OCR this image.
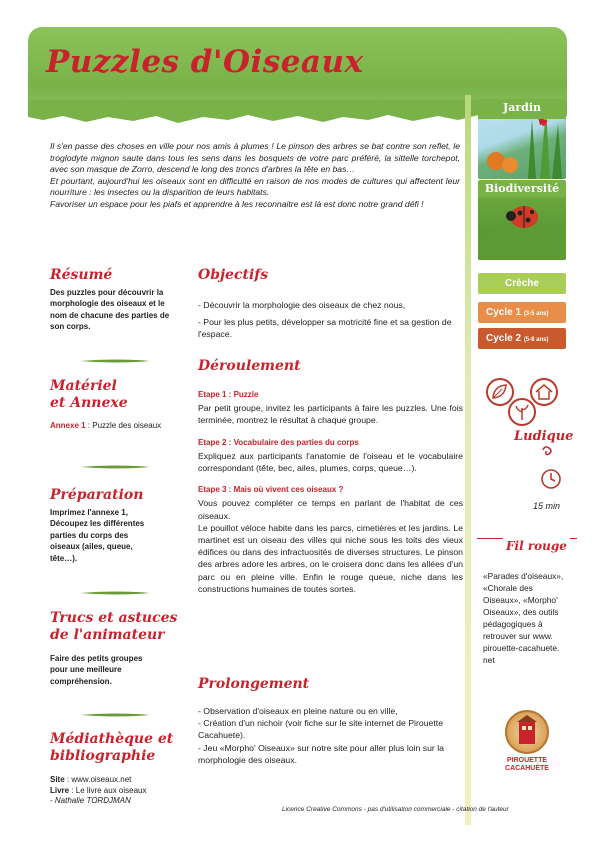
Puzzles d'Oiseaux

Il s'en passe des choses en ville pour nos amis à plumes ! Le pinson des arbres se bat contre son reflet, le troglodyte mignon saute dans tous les sens dans les bosquets de votre parc préféré, la sittelle torchepot, avec son masque de Zorro, descend le long des troncs d'arbres la tête en bas…

Et pourtant, aujourd'hui les oiseaux sont en difficulté en raison de nos modes de cultures qui affectent leur nourriture : les insectes ou la disparition de leurs habitats.

Favoriser un espace pour les piafs et apprendre à les reconnaitre est là est donc notre grand défi !

Jardin
Biodiversité
Crèche
Cycle 1 (3-5 ans)
Cycle 2 (5-8 ans)
Ludique
15 min
Fil rouge
«Parades d'oiseaux», «Chorale des Oiseaux», «Morpho' Oiseaux», des outils pédagogiques à retrouver sur www. pirouette-cacahuete. net
PIROUETTE
CACAHUÈTE
Résumé
Des puzzles pour découvrir la morphologie des oiseaux et le nom de chacune des parties de son corps.
Matériel
et Annexe
Annexe 1 : Puzzle des oiseaux
Préparation
Imprimez l'annexe 1, Découpez les différentes parties du corps des oiseaux (ailes, queue, tête…).
Trucs et astuces
de l'animateur
Faire des petits groupes pour une meilleure compréhension.
Médiathèque et
bibliographie
Site : www.oiseaux.net
Livre : Le livre aux oiseaux
- Nathalie TORDJMAN
Objectifs
- Découvrir la morphologie des oiseaux de chez nous,
- Pour les plus petits, développer sa motricité fine et sa gestion de l'espace.
Déroulement
Etape 1 : Puzzle
Par petit groupe, invitez les participants à faire les puzzles. Une fois terminée, montrez le résultat à chaque groupe.
Etape 2 : Vocabulaire des parties du corps
Expliquez aux participants l'anatomie de l'oiseau et le vocabulaire correspondant (tête, bec, ailes, plumes, corps, queue…).
Etape 3 : Mais où vivent ces oiseaux ?
Vous pouvez compléter ce temps en parlant de l'habitat de ces oiseaux.
Le pouillot véloce habite dans les parcs, cimetières et les jardins. Le martinet est un oiseau des villes qui niche sous les toits des vieux édifices ou dans des infractuosités de diverses structures. Le pinson des arbres adore les arbres, on le croisera donc dans les allées d'un parc ou en pleine ville. Enfin le rouge queue, niche dans les constructions humaines de toutes sortes.
Prolongement
- Observation d'oiseaux en pleine nature ou en ville,
- Création d'un nichoir (voir fiche sur le site internet de Pirouette Cacahuete).
- Jeu «Morpho' Oiseaux» sur notre site pour aller plus loin sur la morphologie des oiseaux.
Licence Creative Commons - pas d'utilisation commerciale - citation de l'auteur
